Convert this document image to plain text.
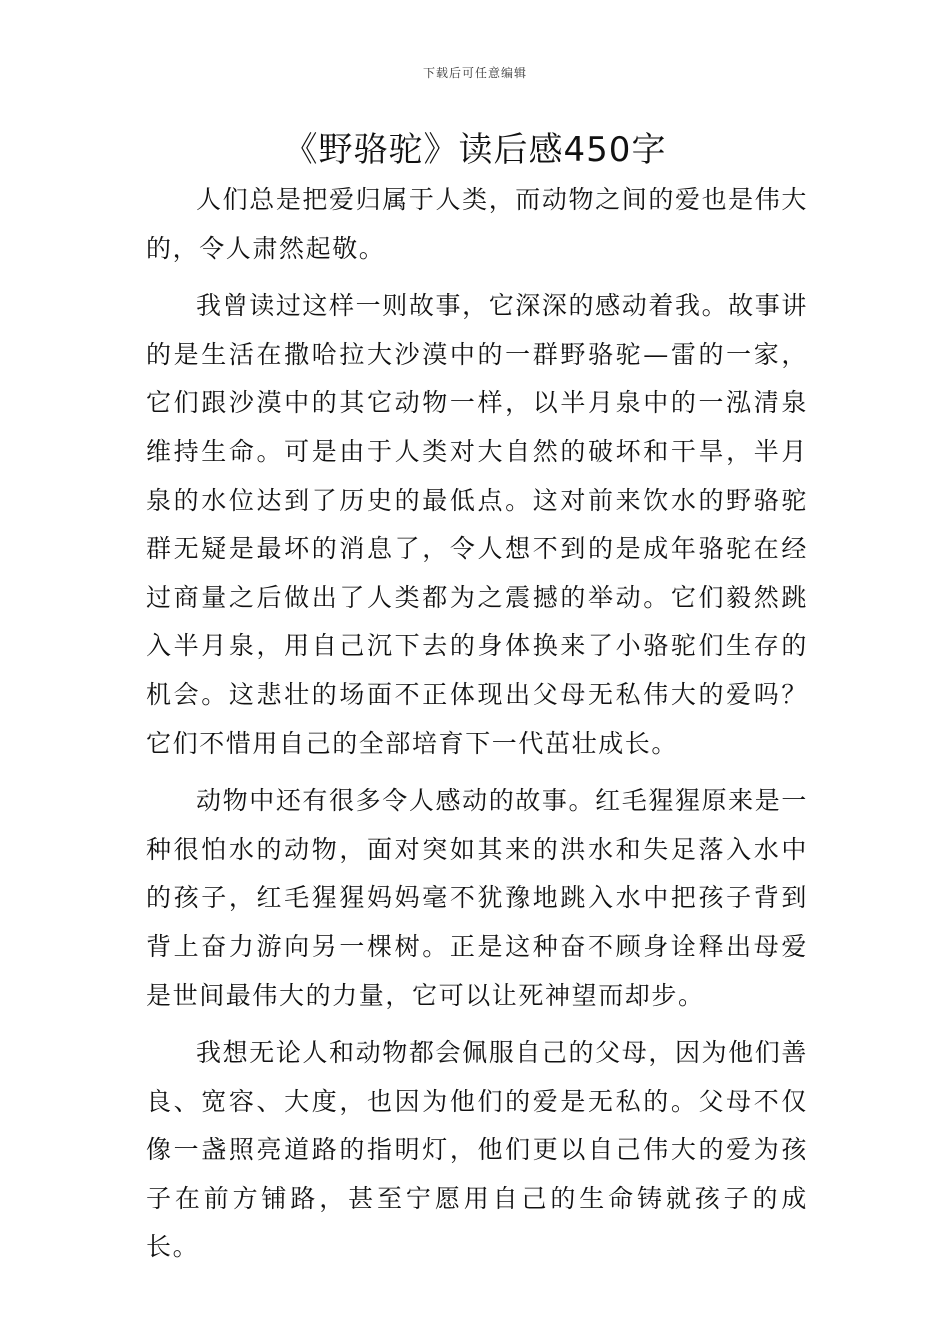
下载后可任意编辑
《野骆驼》读后感450字

人们总是把爱归属于人类，而动物之间的爱也是伟大的，令人肃然起敬。

我曾读过这样一则故事，它深深的感动着我。故事讲的是生活在撒哈拉大沙漠中的一群野骆驼—雷的一家，它们跟沙漠中的其它动物一样，以半月泉中的一泓清泉维持生命。可是由于人类对大自然的破坏和干旱，半月泉的水位达到了历史的最低点。这对前来饮水的野骆驼群无疑是最坏的消息了，令人想不到的是成年骆驼在经过商量之后做出了人类都为之震撼的举动。它们毅然跳入半月泉，用自己沉下去的身体换来了小骆驼们生存的机会。这悲壮的场面不正体现出父母无私伟大的爱吗？它们不惜用自己的全部培育下一代茁壮成长。

动物中还有很多令人感动的故事。红毛猩猩原来是一种很怕水的动物，面对突如其来的洪水和失足落入水中的孩子，红毛猩猩妈妈毫不犹豫地跳入水中把孩子背到背上奋力游向另一棵树。正是这种奋不顾身诠释出母爱是世间最伟大的力量，它可以让死神望而却步。

我想无论人和动物都会佩服自己的父母，因为他们善良、宽容、大度，也因为他们的爱是无私的。父母不仅像一盏照亮道路的指明灯，他们更以自己伟大的爱为孩子在前方铺路，甚至宁愿用自己的生命铸就孩子的成长。
